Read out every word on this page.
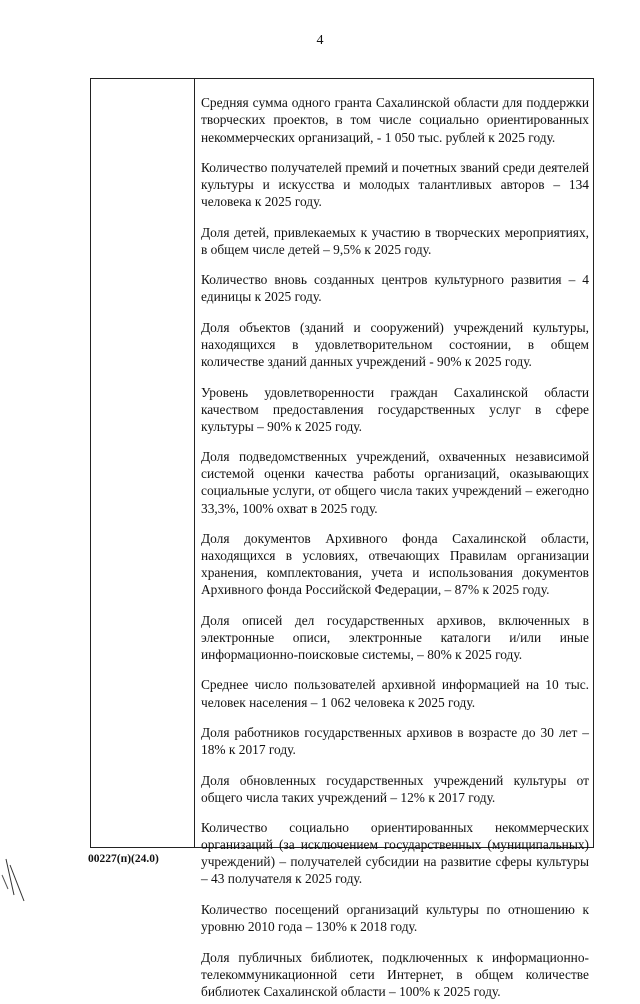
4

Средняя сумма одного гранта Сахалинской области для поддержки творческих проектов, в том числе социально ориентированных некоммерческих организаций, - 1 050 тыс. рублей к 2025 году.

Количество получателей премий и почетных званий среди деятелей культуры и искусства и молодых талантливых авторов – 134 человека к 2025 году.

Доля детей, привлекаемых к участию в творческих мероприятиях, в общем числе детей – 9,5% к 2025 году.

Количество вновь созданных центров культурного развития – 4 единицы к 2025 году.

Доля объектов (зданий и сооружений) учреждений культуры, находящихся в удовлетворительном состоянии, в общем количестве зданий данных учреждений - 90% к 2025 году.

Уровень удовлетворенности граждан Сахалинской области качеством предоставления государственных услуг в сфере культуры – 90% к 2025 году.

Доля подведомственных учреждений, охваченных независимой системой оценки качества работы организаций, оказывающих социальные услуги, от общего числа таких учреждений – ежегодно 33,3%, 100% охват в 2025 году.

Доля документов Архивного фонда Сахалинской области, находящихся в условиях, отвечающих Правилам организации хранения, комплектования, учета и использования документов Архивного фонда Российской Федерации, – 87% к 2025 году.

Доля описей дел государственных архивов, включенных в электронные описи, электронные каталоги и/или иные информационно-поисковые системы, – 80% к 2025 году.

Среднее число пользователей архивной информацией на 10 тыс. человек населения – 1 062 человека к 2025 году.

Доля работников государственных архивов в возрасте до 30 лет – 18% к 2017 году.

Доля обновленных государственных учреждений культуры от общего числа таких учреждений – 12% к 2017 году.

Количество социально ориентированных некоммерческих организаций (за исключением государственных (муниципальных) учреждений) – получателей субсидии на развитие сферы культуры – 43 получателя к 2025 году.

Количество посещений организаций культуры по отношению к уровню 2010 года – 130% к 2018 году.

Доля публичных библиотек, подключенных к информационно-телекоммуникационной сети Интернет, в общем количестве библиотек Сахалинской области – 100% к 2025 году.

00227(п)(24.0)
